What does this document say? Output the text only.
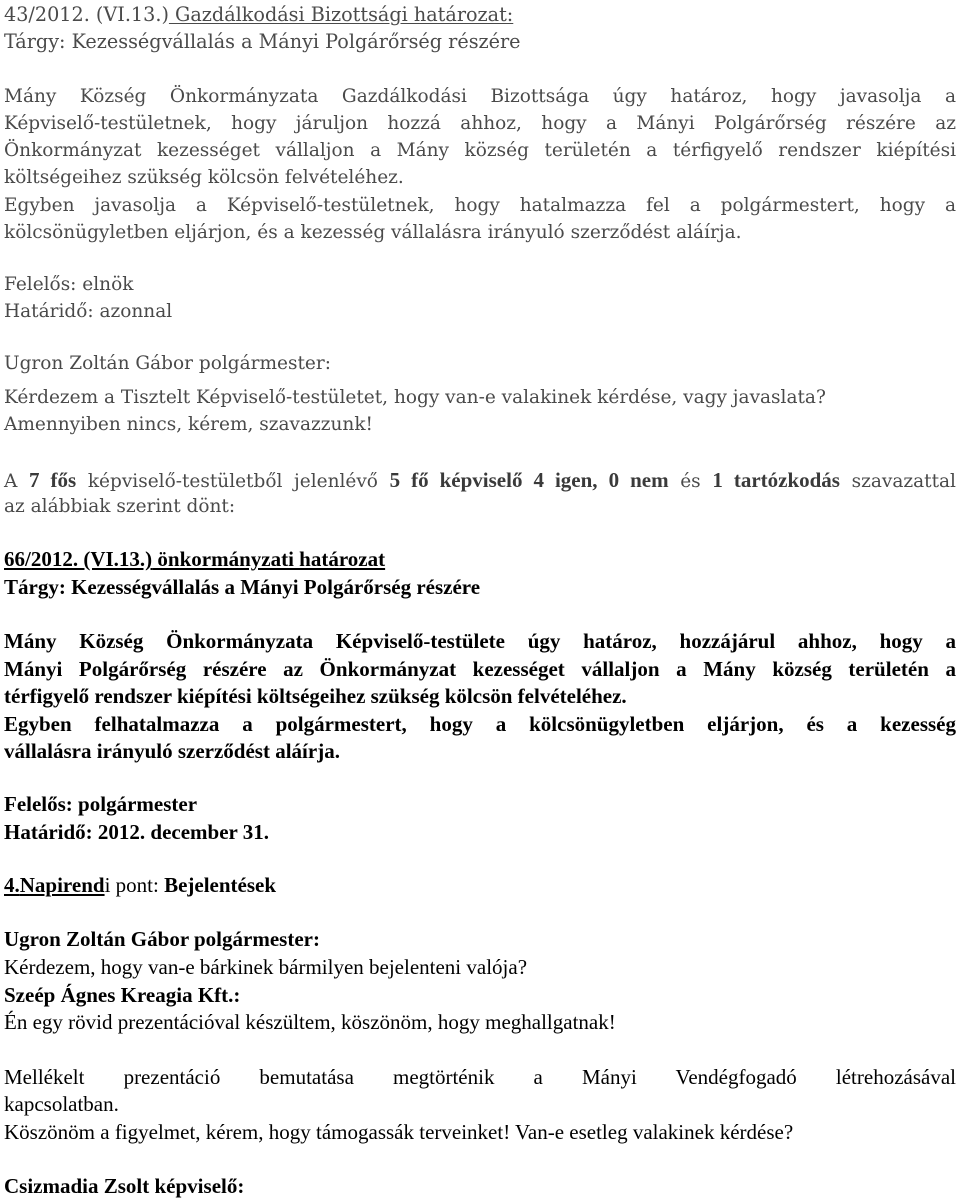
43/2012. (VI.13.) Gazdálkodási Bizottsági határozat:
Tárgy: Kezességvállalás a Mányi Polgárőrség részére
Mány Község Önkormányzata Gazdálkodási Bizottsága úgy határoz, hogy javasolja a
Képviselő-testületnek, hogy járuljon hozzá ahhoz, hogy a Mányi Polgárőrség részére az
Önkormányzat kezességet vállaljon a Mány község területén a térfigyelő rendszer kiépítési
költségeihez szükség kölcsön felvételéhez.
Egyben javasolja a Képviselő-testületnek, hogy hatalmazza fel a polgármestert, hogy a
kölcsönügyletben eljárjon, és a kezesség vállalásra irányuló szerződést aláírja.
Felelős: elnök
Határidő: azonnal
Ugron Zoltán Gábor polgármester:
Kérdezem a Tisztelt Képviselő-testületet, hogy van-e valakinek kérdése, vagy javaslata?
Amennyiben nincs, kérem, szavazzunk!
A 7 fős képviselő-testületből jelenlévő 5 fő képviselő 4 igen, 0 nem és 1 tartózkodás szavazattal
az alábbiak szerint dönt:
66/2012. (VI.13.) önkormányzati határozat
Tárgy: Kezességvállalás a Mányi Polgárőrség részére
Mány Község Önkormányzata Képviselő-testülete úgy határoz, hozzájárul ahhoz, hogy a
Mányi Polgárőrség részére az Önkormányzat kezességet vállaljon a Mány község területén a
térfigyelő rendszer kiépítési költségeihez szükség kölcsön felvételéhez.
Egyben felhatalmazza a polgármestert, hogy a kölcsönügyletben eljárjon, és a kezesség
vállalásra irányuló szerződést aláírja.
Felelős: polgármester
Határidő: 2012. december 31.
4.Napirendi pont: Bejelentések
Ugron Zoltán Gábor polgármester:
Kérdezem, hogy van-e bárkinek bármilyen bejelenteni valója?
Szeép Ágnes Kreagia Kft.:
Én egy rövid prezentációval készültem, köszönöm, hogy meghallgatnak!
Mellékelt prezentáció bemutatása megtörténik a Mányi Vendégfogadó létrehozásával
kapcsolatban.
Köszönöm a figyelmet, kérem, hogy támogassák terveinket! Van-e esetleg valakinek kérdése?
Csizmadia Zsolt képviselő:
